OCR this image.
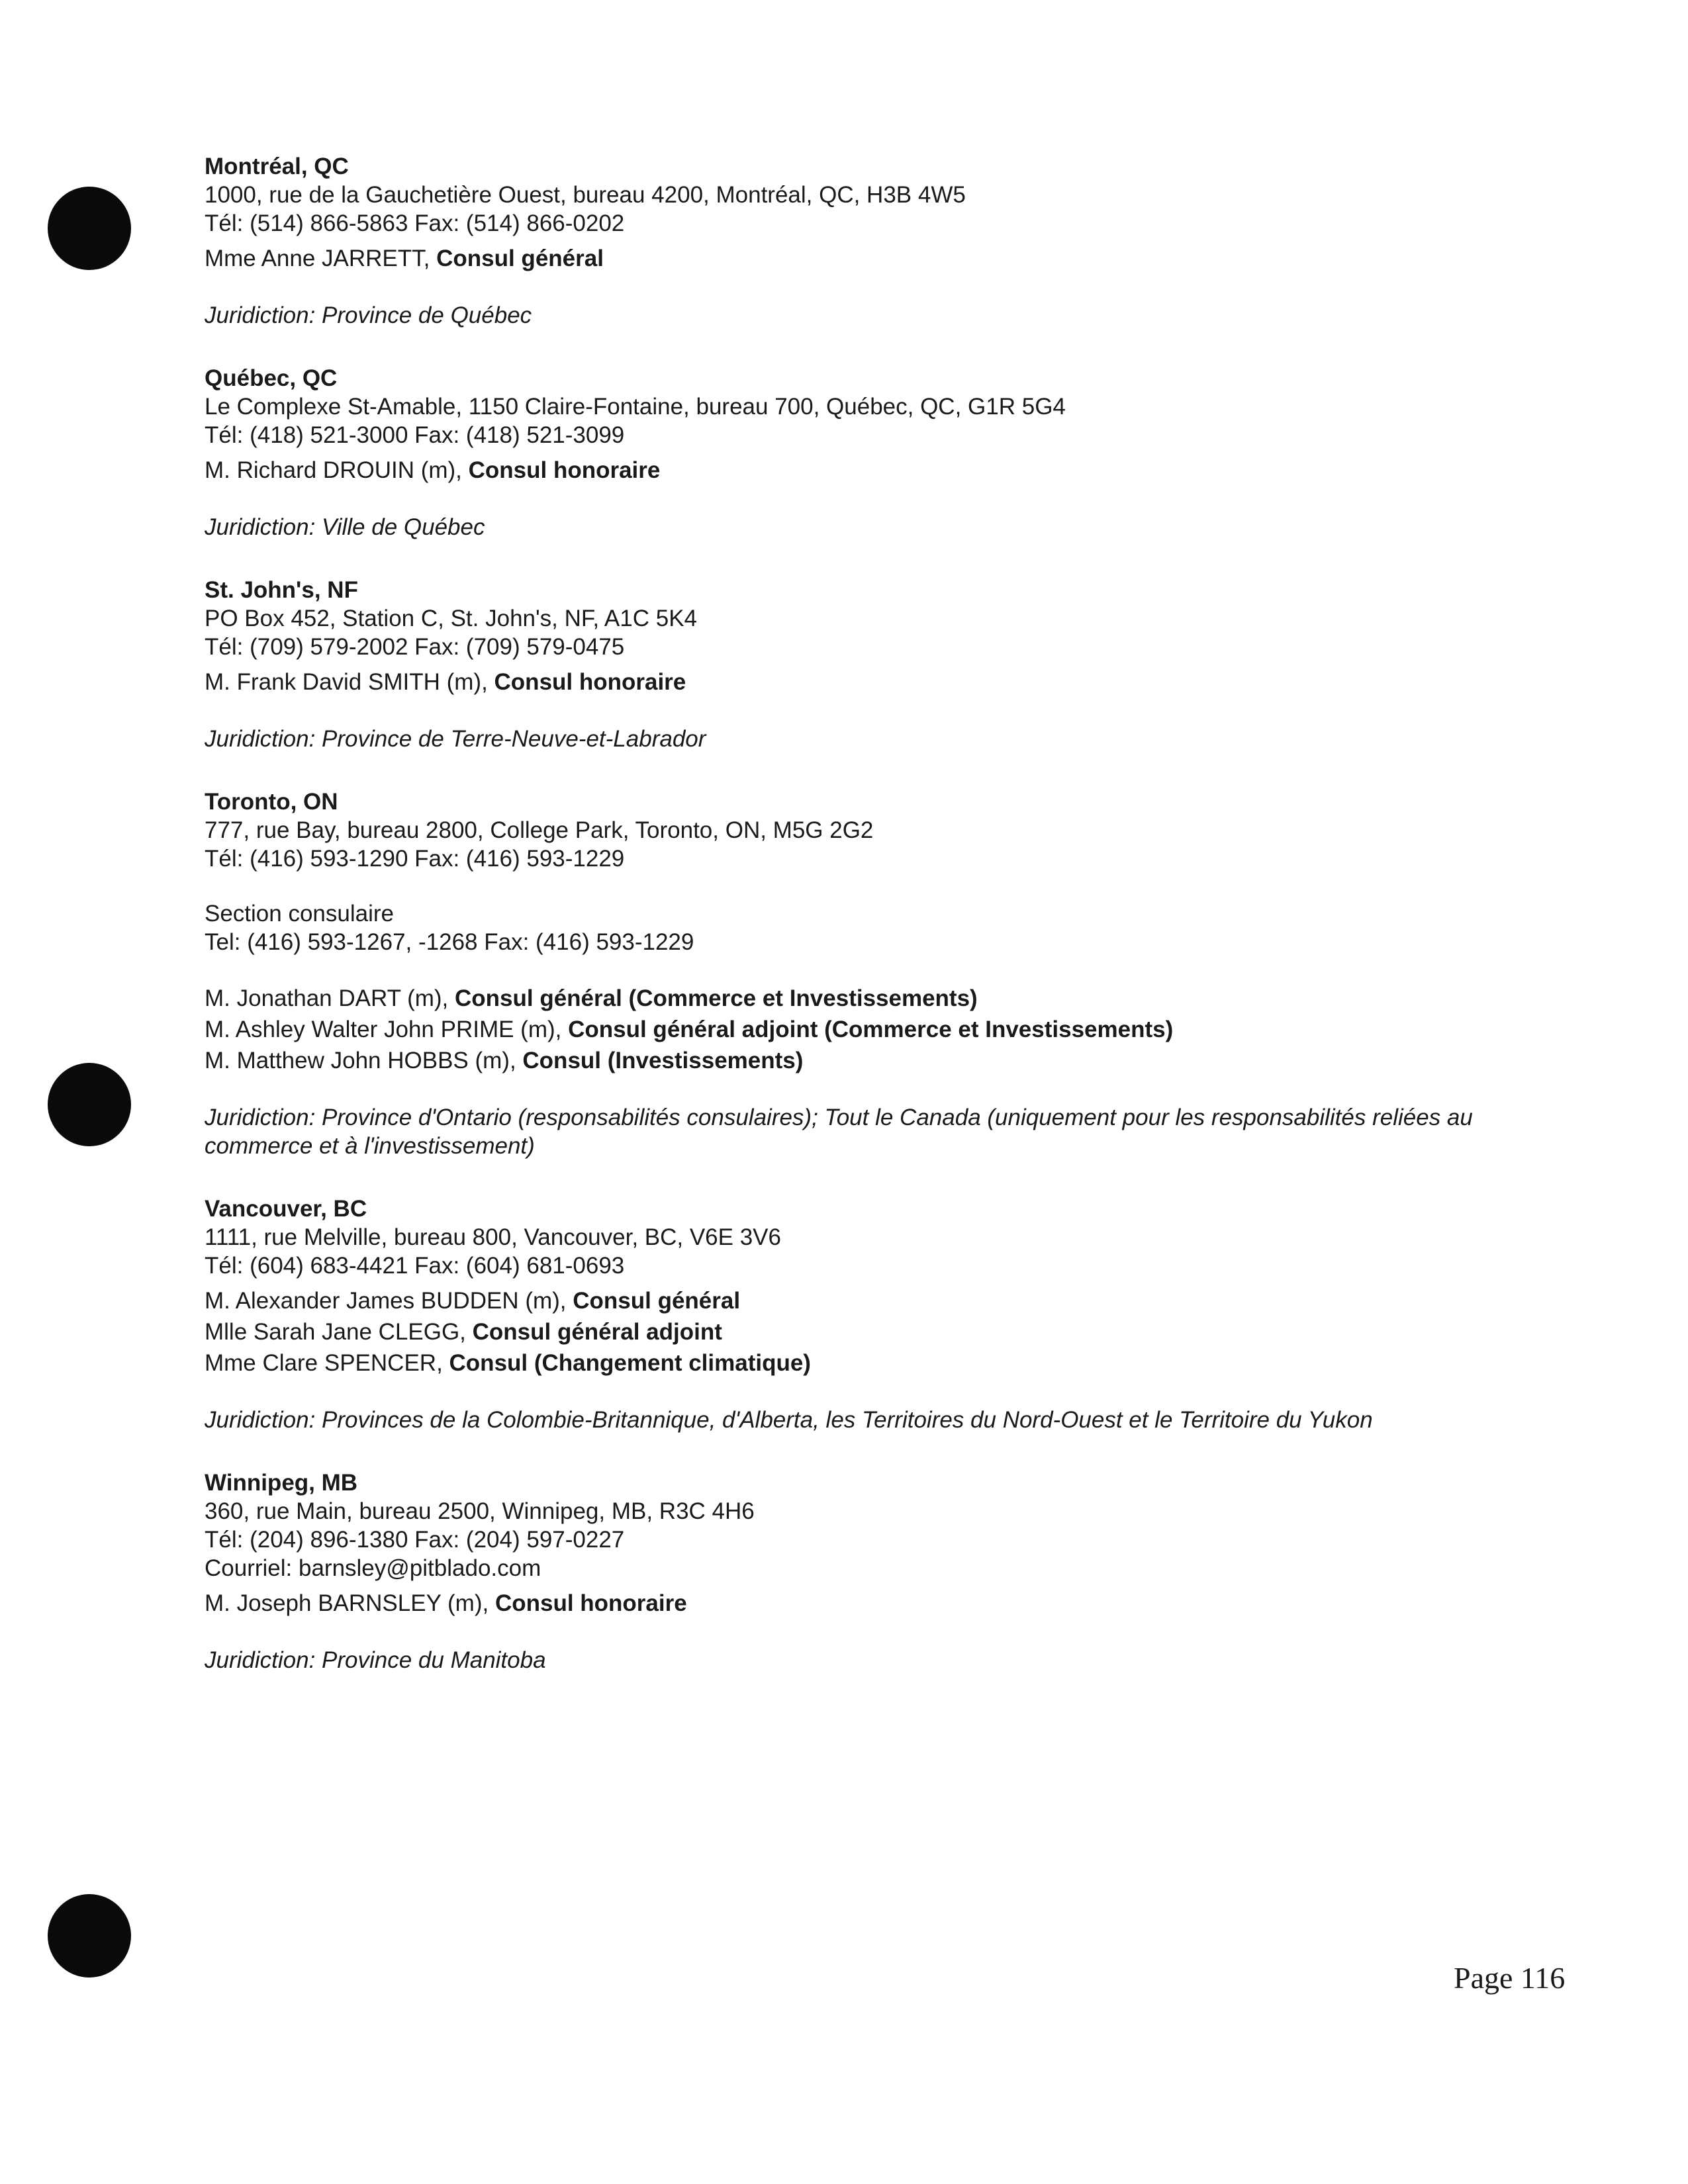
Montréal, QC
1000, rue de la Gauchetière Ouest, bureau 4200, Montréal, QC, H3B 4W5
Tél: (514) 866-5863 Fax: (514) 866-0202
Mme Anne JARRETT, Consul général
Juridiction: Province de Québec
Québec, QC
Le Complexe St-Amable, 1150 Claire-Fontaine, bureau 700, Québec, QC, G1R 5G4
Tél: (418) 521-3000 Fax: (418) 521-3099
M. Richard DROUIN (m), Consul honoraire
Juridiction: Ville de Québec
St. John's, NF
PO Box 452, Station C, St. John's, NF, A1C 5K4
Tél: (709) 579-2002 Fax: (709) 579-0475
M. Frank David SMITH (m), Consul honoraire
Juridiction: Province de Terre-Neuve-et-Labrador
Toronto, ON
777, rue Bay, bureau 2800, College Park, Toronto, ON, M5G 2G2
Tél: (416) 593-1290 Fax: (416) 593-1229
Section consulaire
Tel: (416) 593-1267, -1268 Fax: (416) 593-1229
M. Jonathan DART (m), Consul général (Commerce et Investissements)
M. Ashley Walter John PRIME (m), Consul général adjoint (Commerce et Investissements)
M. Matthew John HOBBS (m), Consul (Investissements)
Juridiction: Province d'Ontario (responsabilités consulaires); Tout le Canada (uniquement pour les responsabilités reliées au commerce et à l'investissement)
Vancouver, BC
1111, rue Melville, bureau 800, Vancouver, BC, V6E 3V6
Tél: (604) 683-4421 Fax: (604) 681-0693
M. Alexander James BUDDEN (m), Consul général
Mlle Sarah Jane CLEGG, Consul général adjoint
Mme Clare SPENCER, Consul (Changement climatique)
Juridiction: Provinces de la Colombie-Britannique, d'Alberta, les Territoires du Nord-Ouest et le Territoire du Yukon
Winnipeg, MB
360, rue Main, bureau 2500, Winnipeg, MB, R3C 4H6
Tél: (204) 896-1380 Fax: (204) 597-0227
Courriel: barnsley@pitblado.com
M. Joseph BARNSLEY (m), Consul honoraire
Juridiction: Province du Manitoba
Page 116
